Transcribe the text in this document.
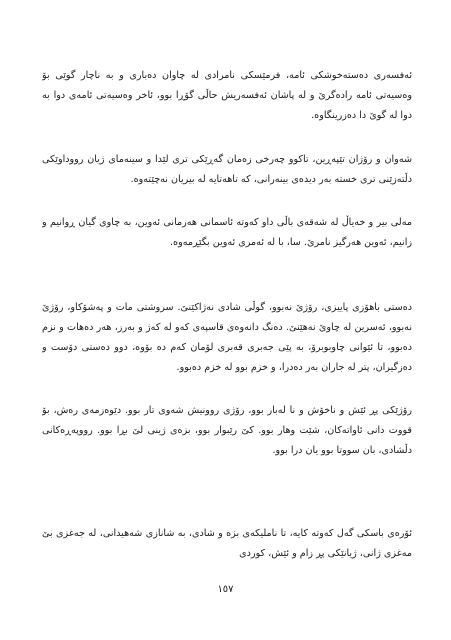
ئەفسەری دەستەخوشکی ئامە، فرمێسکی نامرادی لە چاوان دەباری و بە ناچار گوێی بۆ وەسیەتی ئامە رادەگرێ و لە پاشان ئەفسەریش حاڵی گۆڕا بوو، ئاخر وەسیەتی ئامەی دوا بە دوا لە گوێ دا دەزرینگاوە.

شەوان و رۆژان تێپەڕین، تاکوو چەرخی زەمان گەڕێکی تری لێدا و سینەمای ژیان رووداوێکی دڵتەزێنی تری خستە بەر دیدەی بینەرانی، کە تاهەتایە لە بیریان نەچێتەوە.

مەلی بیر و خەیاڵ لە شەقەی باڵی داو کەوتە ئاسمانی هەرمانی ئەوین، بە چاوی گیان ڕوانیم و زانیم، ئەوین هەرگیز نامرێ. سا، با لە ئەمری ئەوین بگێڕمەوە.

دەستی باهۆزی پاییزی، رۆژێ نەبوو، گوڵی شادی نەژاکێنێ. سروشتی مات و پەشۆکاو، رۆژێ نەبوو، ئەسرین لە چاوێ نەهێنێ. دەنگ دانەوەی قاسپەی کەو لە کەژ و بەرز، هەر دەهات و نزم دەبوو، تا ئێوانی چاوبوبرۆ، بە پێی جەبری قەبری لۆمان کەم دە بۆوە، دوو دەستی دۆست و دەزگیران، پتر لە جاران بەر دەدرا، و خزم بوو لە خزم دەبوو.

رۆژێکی پڕ ئێش و ناخۆش و نا لەبار بوو، رۆژی روونیش شەوی تار بوو. دێوەزمەی رەش، بۆ قووت دانی ئاواتەکان، شێت وهار بوو. کێ رێبوار بوو، بزەی ژینی لێ بڕا بوو. رووپەڕەکانی دڵشادی، بان سووتا بوو یان درا بوو.

ئۆرەی باسکی گەل کەوتە کایە، تا ناملیکەی بزە و شادی، بە شانازی شەهیدانی، لە جەغزی بێ مەغزی ژانی، ژیانێکی پڕ زام و ئێش، کوردی

١٥٧
